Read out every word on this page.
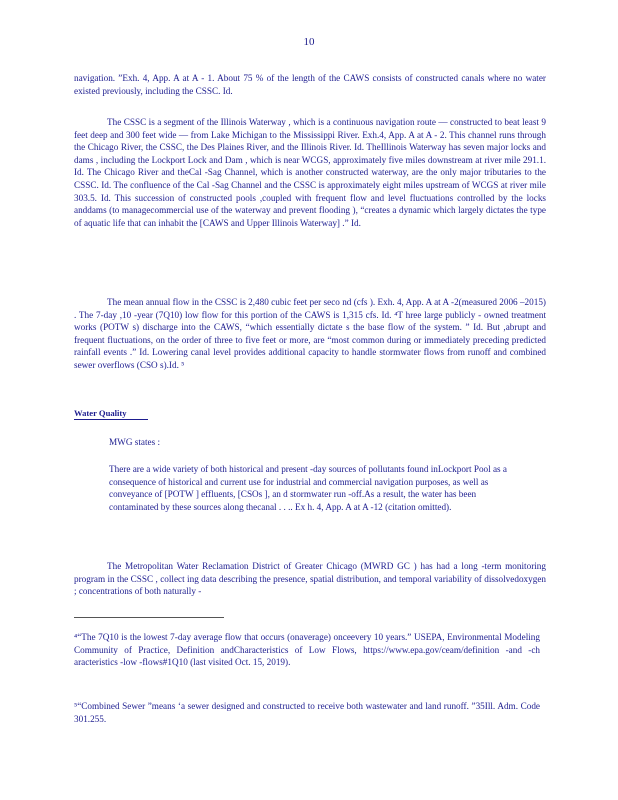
10
navigation. ”Exh. 4, App. A at A - 1. About 75 % of the length of the CAWS consists of constructed canals where no water existed previously, including the CSSC. Id.
The CSSC is a segment of the Illinois Waterway , which is a continuous navigation route — constructed to beat least 9 feet deep and 300 feet wide — from Lake Michigan to the Mississippi River. Exh.4, App. A at A - 2. This channel runs through the Chicago River, the CSSC, the Des Plaines River, and the Illinois River. Id. TheIllinois Waterway has seven major locks and dams , including the Lockport Lock and Dam , which is near WCGS, approximately five miles downstream at river mile 291.1. Id. The Chicago River and theCal -Sag Channel, which is another constructed waterway, are the only major tributaries to the CSSC. Id. The confluence of the Cal -Sag Channel and the CSSC is approximately eight miles upstream of WCGS at river mile 303.5. Id. This succession of constructed pools ,coupled with frequent flow and level fluctuations controlled by the locks anddams (to managecommercial use of the waterway and prevent flooding ), “creates a dynamic which largely dictates the type of aquatic life that can inhabit the [CAWS and Upper Illinois Waterway] .” Id.
The mean annual flow in the CSSC is 2,480 cubic feet per seco nd (cfs ). Exh. 4, App. A at A -2(measured 2006 –2015) . The 7-day ,10 -year (7Q10) low flow for this portion of the CAWS is 1,315 cfs. Id. ⁴T hree large publicly - owned treatment works (POTW s) discharge into the CAWS, “which essentially dictate s the base flow of the system. ” Id. But ,abrupt and frequent fluctuations, on the order of three to five feet or more, are “most common during or immediately preceding predicted rainfall events .” Id. Lowering canal level provides additional capacity to handle stormwater flows from runoff and combined sewer overflows (CSO s).Id. ⁵
Water Quality
MWG states :
There are a wide variety of both historical and present -day sources of pollutants found inLockport Pool as a consequence of historical and current use for industrial and commercial navigation purposes, as well as conveyance of [POTW ] effluents, [CSOs ], an d stormwater run -off.As a result, the water has been contaminated by these sources along thecanal . . .. Ex h. 4, App. A at A -12 (citation omitted).
The Metropolitan Water Reclamation District of Greater Chicago (MWRD GC ) has had a long -term monitoring program in the CSSC , collect ing data describing the presence, spatial distribution, and temporal variability of dissolvedoxygen ; concentrations of both naturally -
⁴“The 7Q10 is the lowest 7-day average flow that occurs (onaverage) onceevery 10 years.” USEPA, Environmental Modeling Community of Practice, Definition andCharacteristics of Low Flows, https://www.epa.gov/ceam/definition -and -ch aracteristics -low -flows#1Q10 (last visited Oct. 15, 2019).
⁵“Combined Sewer ”means ‘a sewer designed and constructed to receive both wastewater and land runoff. ”35Ill. Adm. Code 301.255.
